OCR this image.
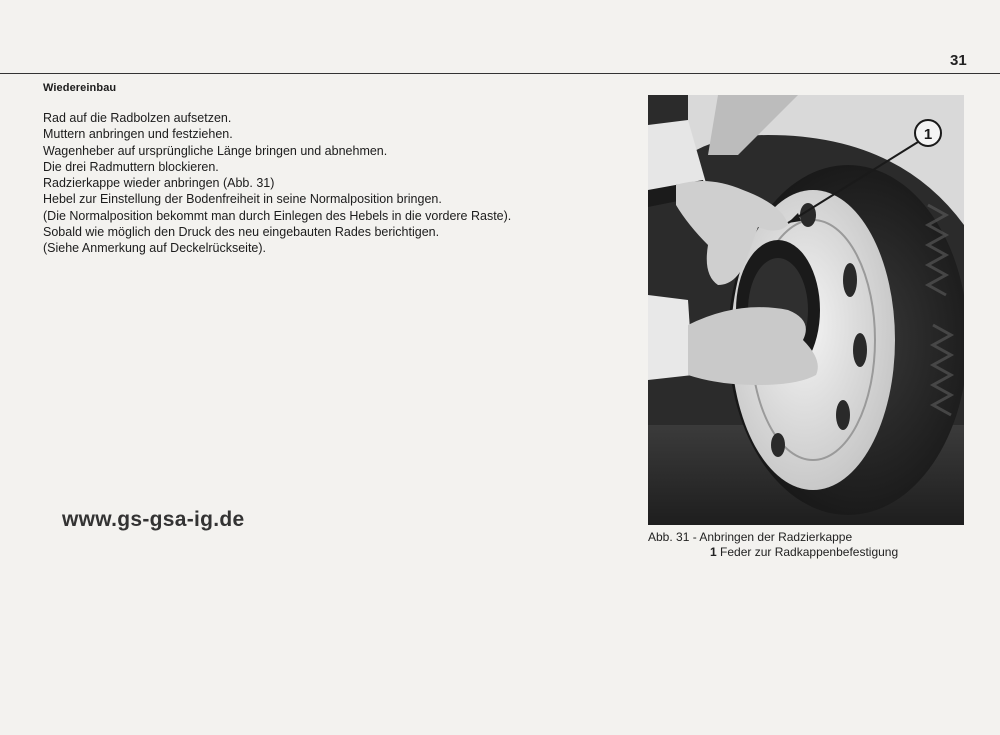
31
Wiedereinbau
Rad auf die Radbolzen aufsetzen.
Muttern anbringen und festziehen.
Wagenheber auf ursprüngliche Länge bringen und abnehmen.
Die drei Radmuttern blockieren.
Radzierkappe wieder anbringen (Abb. 31)
Hebel zur Einstellung der Bodenfreiheit in seine Normalposition bringen.
(Die Normalposition bekommt man durch Einlegen des Hebels in die vordere Raste).
Sobald wie möglich den Druck des neu eingebauten Rades berichtigen.
(Siehe Anmerkung auf Deckelrückseite).
www.gs-gsa-ig.de
1
Abb. 31 - Anbringen der Radzierkappe
1 Feder zur Radkappenbefestigung
